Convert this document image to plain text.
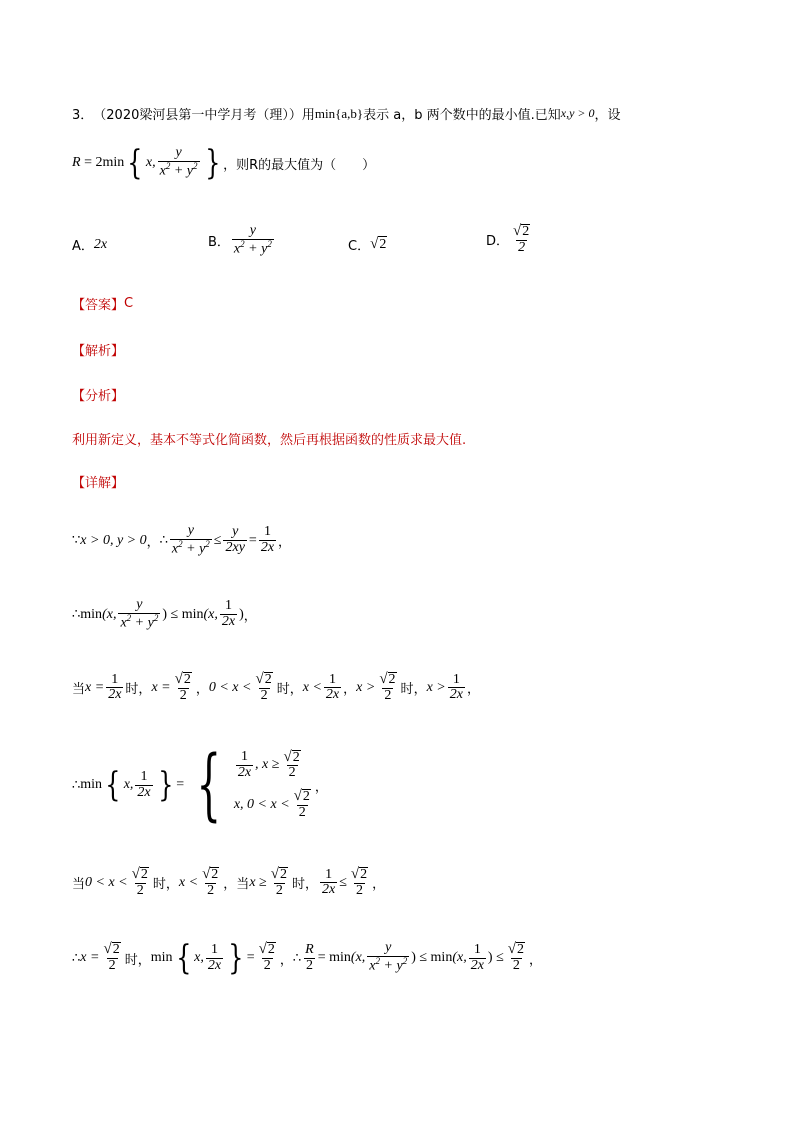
3． （2020梁河县第一中学月考（理）） 用 min{a,b} 表示 a，b 两个数中的最小值.已知 x,y > 0 ，设
R = 2min { x, $\frac{y}{x^2 + y^2}$ } ，则R的最大值为（　　）
A． 2x	B． $\frac{y}{x^2 + y^2}$	C． √ 2	D． $\frac{√ 2}{2}$
【答案】 C
【解析】
【分析】
利用新定义，基本不等式化简函数，然后再根据函数的性质求最大值.
【详解】
∵ x > 0, y > 0 ， ∴ $\frac{y}{x^2 + y^2} \le \frac{y}{2xy} = \frac{1}{2x}$ ，
∴ min(x, $\frac{y}{x^2 + y^2}$ ) ≤ min (x, $\frac{1}{2x}$ ) ，
当 $x = \frac{1}{2x}$ 时 ， $x = \frac{√ 2}{2}$ ， $0 < x < \frac{√ 2}{2}$ 时 ， $x < \frac{1}{2x}$ ， $x > \frac{√ 2}{2}$ 时 ， $x > \frac{1}{2x}$ ，
∴ min { x, $\frac{1}{2x}$ } = { $\frac{1}{2x}$ , $x \ge \frac{√ 2}{2}$
x, $0 < x < \frac{√ 2}{2}$
，
当 $0 < x < \frac{√ 2}{2}$ 时 ， $x < \frac{√ 2}{2}$ ，当 $x \ge \frac{√ 2}{2}$ 时 ， $\frac{1}{2x} \le \frac{√ 2}{2}$ ，
∴ $x = \frac{√ 2}{2}$ 时 ， min { x, $\frac{1}{2x}$ } = $\frac{√ 2}{2}$ ， ∴ $\frac{R}{2} = \min (x$, $\frac{y}{x^2 + y^2}$ ) ≤ min (x, $\frac{1}{2x}$ ) ≤ $\frac{√ 2}{2}$ ，
